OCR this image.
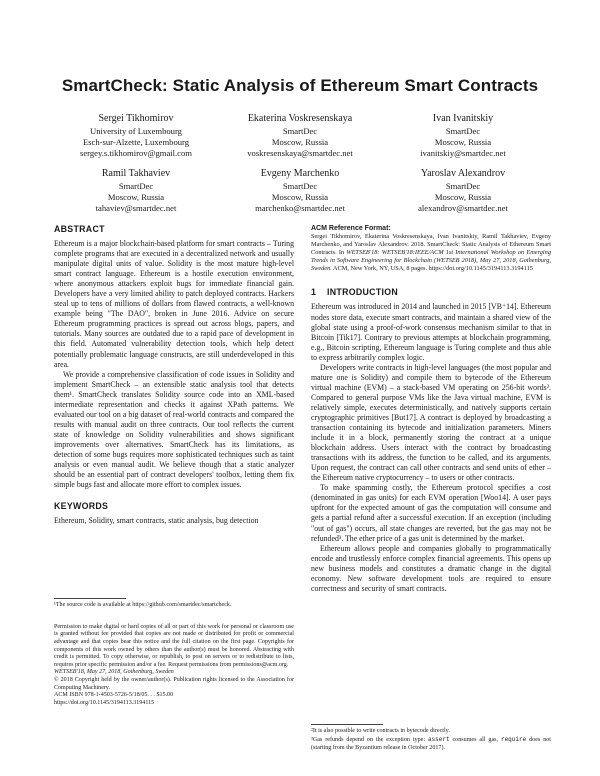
SmartCheck: Static Analysis of Ethereum Smart Contracts
Sergei Tikhomirov
University of Luxembourg
Esch-sur-Alzette, Luxembourg
sergey.s.tikhomirov@gmail.com
Ekaterina Voskresenskaya
SmartDec
Moscow, Russia
voskresenskaya@smartdec.net
Ivan Ivanitskiy
SmartDec
Moscow, Russia
ivanitskiy@smartdec.net
Ramil Takhaviev
SmartDec
Moscow, Russia
tahaviev@smartdec.net
Evgeny Marchenko
SmartDec
Moscow, Russia
marchenko@smartdec.net
Yaroslav Alexandrov
SmartDec
Moscow, Russia
alexandrov@smartdec.net
ABSTRACT

Ethereum is a major blockchain-based platform for smart contracts – Turing complete programs that are executed in a decentralized network and usually manipulate digital units of value. Solidity is the most mature high-level smart contract language. Ethereum is a hostile execution environment, where anonymous attackers exploit bugs for immediate financial gain. Developers have a very limited ability to patch deployed contracts. Hackers steal up to tens of millions of dollars from flawed contracts, a well-known example being "The DAO", broken in June 2016. Advice on secure Ethereum programming practices is spread out across blogs, papers, and tutorials. Many sources are outdated due to a rapid pace of development in this field. Automated vulnerability detection tools, which help detect potentially problematic language constructs, are still underdeveloped in this area.

We provide a comprehensive classification of code issues in Solidity and implement SmartCheck – an extensible static analysis tool that detects them¹. SmartCheck translates Solidity source code into an XML-based intermediate representation and checks it against XPath patterns. We evaluated our tool on a big dataset of real-world contracts and compared the results with manual audit on three contracts. Our tool reflects the current state of knowledge on Solidity vulnerabilities and shows significant improvements over alternatives. SmartCheck has its limitations, as detection of some bugs requires more sophisticated techniques such as taint analysis or even manual audit. We believe though that a static analyzer should be an essential part of contract developers' toolbox, letting them fix simple bugs fast and allocate more effort to complex issues.

KEYWORDS

Ethereum, Solidity, smart contracts, static analysis, bug detection

¹The source code is available at https://github.com/smartdec/smartcheck.
Permission to make digital or hard copies of all or part of this work for personal or classroom use is granted without fee provided that copies are not made or distributed for profit or commercial advantage and that copies bear this notice and the full citation on the first page. Copyrights for components of this work owned by others than the author(s) must be honored. Abstracting with credit is permitted. To copy otherwise, or republish, to post on servers or to redistribute to lists, requires prior specific permission and/or a fee. Request permissions from permissions@acm.org.
WETSEB'18, May 27, 2018, Gothenburg, Sweden
© 2018 Copyright held by the owner/author(s). Publication rights licensed to the Association for Computing Machinery.
ACM ISBN 978-1-4503-5726-5/18/05. . . $15.00
https://doi.org/10.1145/3194113.3194115
ACM Reference Format:
Sergei Tikhomirov, Ekaterina Voskresenskaya, Ivan Ivanitskiy, Ramil Takhaviev, Evgeny Marchenko, and Yaroslav Alexandrov. 2018. SmartCheck: Static Analysis of Ethereum Smart Contracts. In WETSEB'18: WETSEB'18:IEEE/ACM 1st International Workshop on Emerging Trends in Software Engineering for Blockchain (WETSEB 2018), May 27, 2018, Gothenburg, Sweden. ACM, New York, NY, USA, 8 pages. https://doi.org/10.1145/3194113.3194115
1 INTRODUCTION

Ethereum was introduced in 2014 and launched in 2015 [VB⁺14]. Ethereum nodes store data, execute smart contracts, and maintain a shared view of the global state using a proof-of-work consensus mechanism similar to that in Bitcoin [Tik17]. Contrary to previous attempts at blockchain programming, e.g., Bitcoin scripting, Ethereum language is Turing complete and thus able to express arbitrarily complex logic.

Developers write contracts in high-level languages (the most popular and mature one is Solidity) and compile them to bytecode of the Ethereum virtual machine (EVM) – a stack-based VM operating on 256-bit words². Compared to general purpose VMs like the Java virtual machine, EVM is relatively simple, executes deterministically, and natively supports certain cryptographic primitives [But17]. A contract is deployed by broadcasting a transaction containing its bytecode and initialization parameters. Miners include it in a block, permanently storing the contract at a unique blockchain address. Users interact with the contract by broadcasting transactions with its address, the function to be called, and its arguments. Upon request, the contract can call other contracts and send units of ether – the Ethereum native cryptocurrency – to users or other contracts.

To make spamming costly, the Ethereum protocol specifies a cost (denominated in gas units) for each EVM operation [Woo14]. A user pays upfront for the expected amount of gas the computation will consume and gets a partial refund after a successful execution. If an exception (including "out of gas") occurs, all state changes are reverted, but the gas may not be refunded³. The ether price of a gas unit is determined by the market.

Ethereum allows people and companies globally to programmatically encode and trustlessly enforce complex financial agreements. This opens up new business models and constitutes a dramatic change in the digital economy. New software development tools are required to ensure correctness and security of smart contracts.

²It is also possible to write contracts in bytecode directly.
³Gas refunds depend on the exception type: assert consumes all gas, require does not (starting from the Byzantium release in October 2017).
